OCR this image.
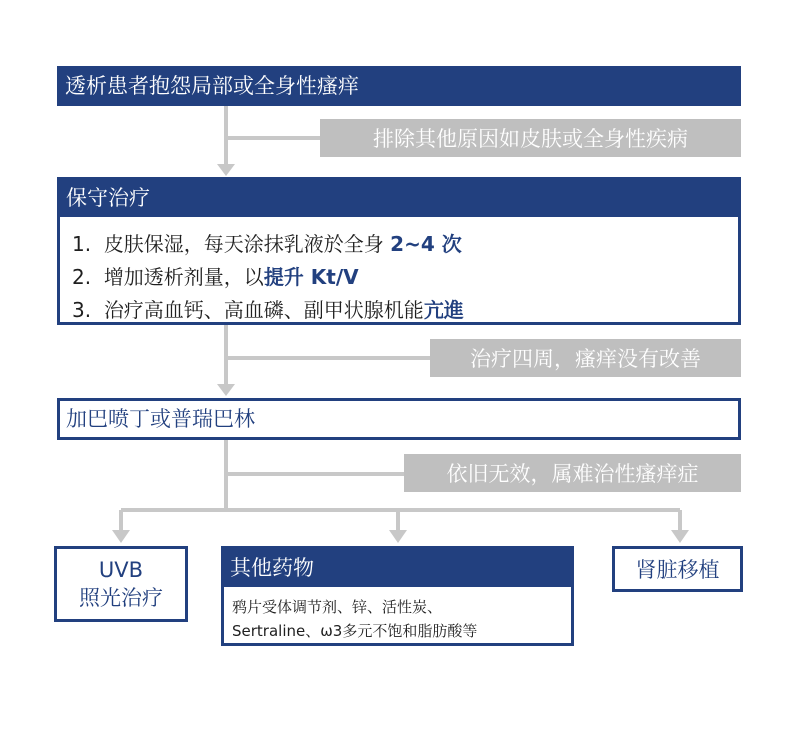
透析患者抱怨局部或全身性瘙痒
排除其他原因如皮肤或全身性疾病
保守治疗
1. 皮肤保湿，每天涂抹乳液於全身 2~4 次
2. 增加透析剂量，以提升 Kt/V
3. 治疗高血钙、高血磷、副甲状腺机能亢進
治疗四周，瘙痒没有改善
加巴喷丁或普瑞巴林
依旧无效，属难治性瘙痒症
UVB
照光治疗
其他药物
鸦片受体调节剂、锌、活性炭、
Sertraline、ω3多元不饱和脂肪酸等
肾脏移植
